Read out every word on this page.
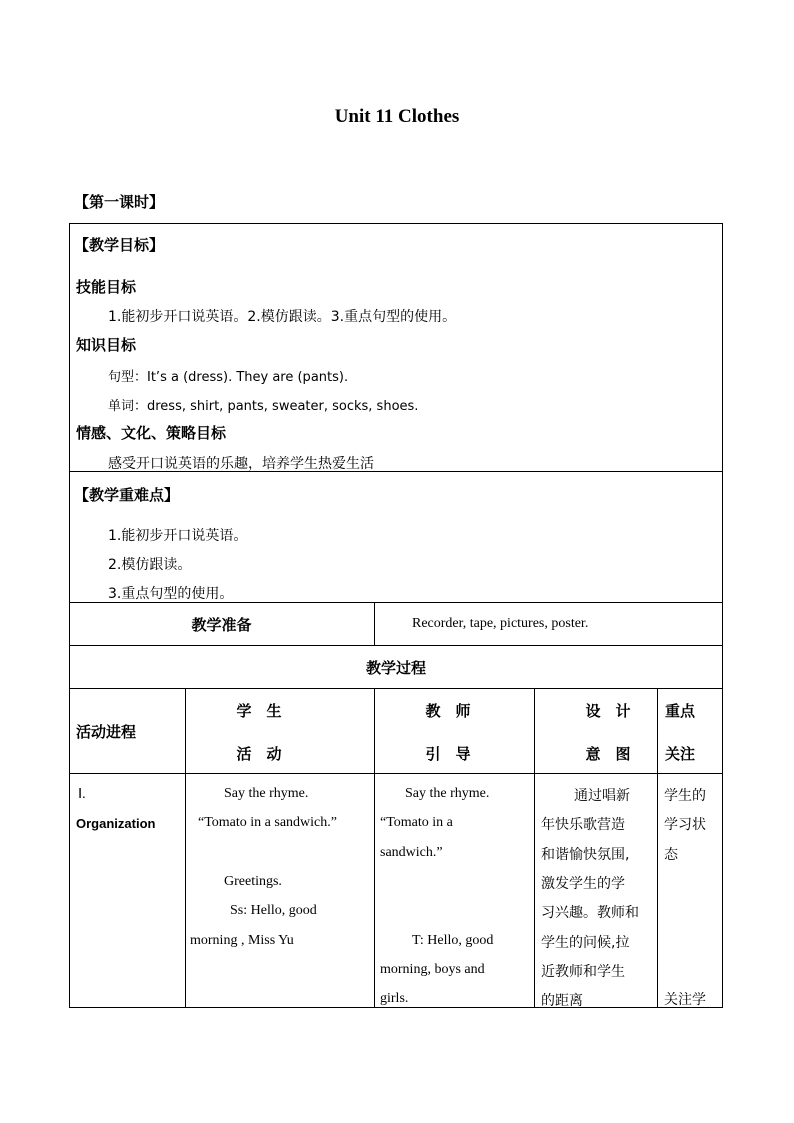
Unit 11 Clothes
【第一课时】
【教学目标】
技能目标
1.能初步开口说英语。2.模仿跟读。3.重点句型的使用。
知识目标
句型：It’s a (dress). They are (pants).
单词：dress, shirt, pants, sweater, socks, shoes.
情感、文化、策略目标
感受开口说英语的乐趣，培养学生热爱生活
【教学重难点】
1.能初步开口说英语。
2.模仿跟读。
3.重点句型的使用。
教学准备	Recorder, tape, pictures, poster.
教学过程
活动进程
学　生
活　动
教　师
引　导
设　计
意　图
重点
关注
Ⅰ.
Organization
Say the rhyme.
“Tomato in a sandwich.”
Greetings.
Ss: Hello, good
morning , Miss Yu
Say the rhyme.
“Tomato in a
sandwich.”
T: Hello, good
morning, boys and
girls.
通过唱新
年快乐歌营造
和谐愉快氛围,
激发学生的学
习兴趣。教师和
学生的问候,拉
近教师和学生
的距离
学生的
学习状
态
关注学
